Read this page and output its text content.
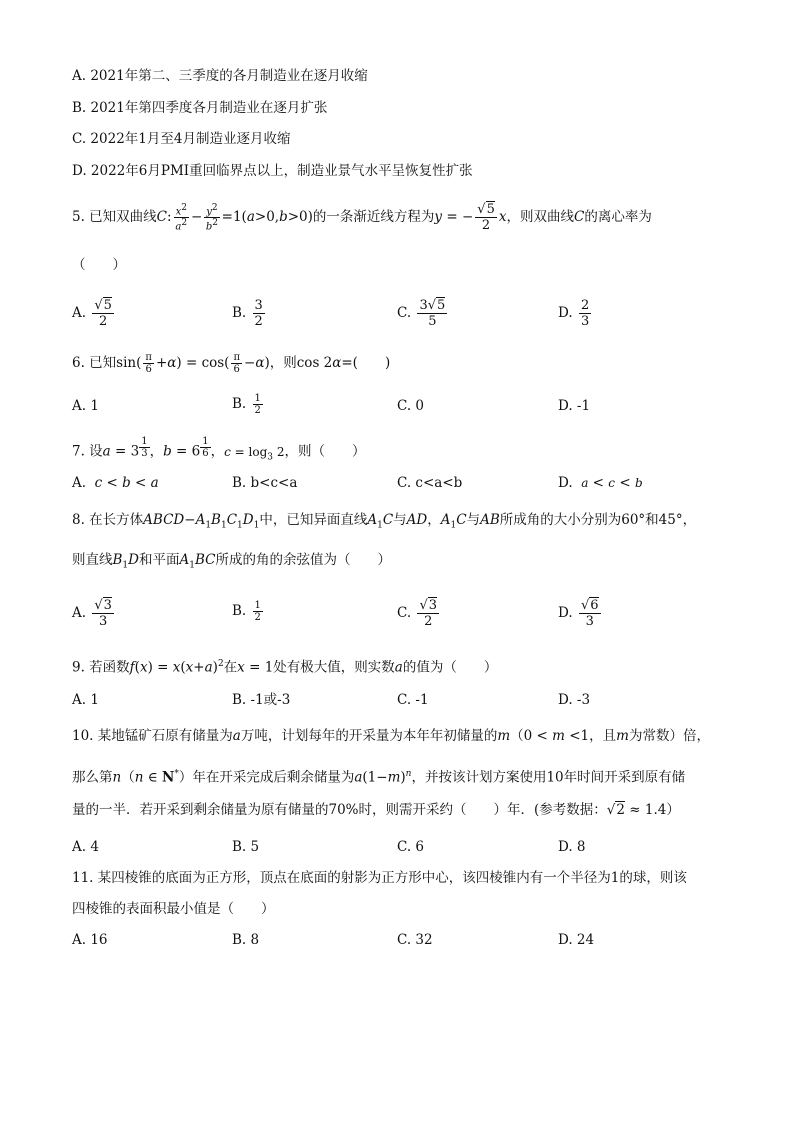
A. 2021年第二、三季度的各月制造业在逐月收缩
B. 2021年第四季度各月制造业在逐月扩张
C. 2022年1月至4月制造业逐月收缩
D. 2022年6月PMI重回临界点以上，制造业景气水平呈恢复性扩张
5. 已知双曲线C: $\frac{x^2}{a^2} - \frac{y^2}{b^2} =1(a>0,b>0)$的一条渐近线方程为y = − $\frac{√5}{2}$ x，则双曲线C的离心率为
（　　）
A. $\frac{√5}{2}$	B. $\frac{3}{2}$	C. $\frac{3√5}{5}$	D. $\frac{2}{3}$
6. 已知$\sin( \frac{\pi}{6} +\alpha) = \cos( \frac{\pi}{6} -\alpha)$，则cos 2α=(　　)
A. 1	B. $\frac{1}{2}$	C. 0	D. -1
7. 设a = 3 $^{\frac{1}{3}}$ ，b = 6 $^{\frac{1}{6}}$ ，$c = \log_3 2$，则（　　）
A. c < b < a	B. b<c<a	C. c<a<b	D. a < c < b
8. 在长方体$ABCD-A_1B_1C_1D_1$中，已知异面直线$A_1C$与AD，$A_1C$与AB所成角的大小分别为60°和45°，
则直线$B_1D$和平面$A_1BC$所成的角的余弦值为（　　）
A. $\frac{√3}{3}$	B. $\frac{1}{2}$	C. $\frac{√3}{2}$	D. $\frac{√6}{3}$
9. 若函数$f(x) = x(x+a)^2$在x = 1处有极大值，则实数a的值为（　　）
A. 1	B. -1或-3	C. -1	D. -3
10. 某地锰矿石原有储量为a万吨，计划每年的开采量为本年年初储量的m（0 < m <1，且m为常数）倍，
那么第n（n ∈ N*）年在开采完成后剩余储量为$a(1-m)^n$，并按该计划方案使用10年时间开采到原有储
量的一半．若开采到剩余储量为原有储量的70%时，则需开采约（　　）年．(参考数据：√2 ≈ 1.4）
A. 4	B. 5	C. 6	D. 8
11. 某四棱锥的底面为正方形，顶点在底面的射影为正方形中心，该四棱锥内有一个半径为1的球，则该
四棱锥的表面积最小值是（　　）
A. 16	B. 8	C. 32	D. 24
